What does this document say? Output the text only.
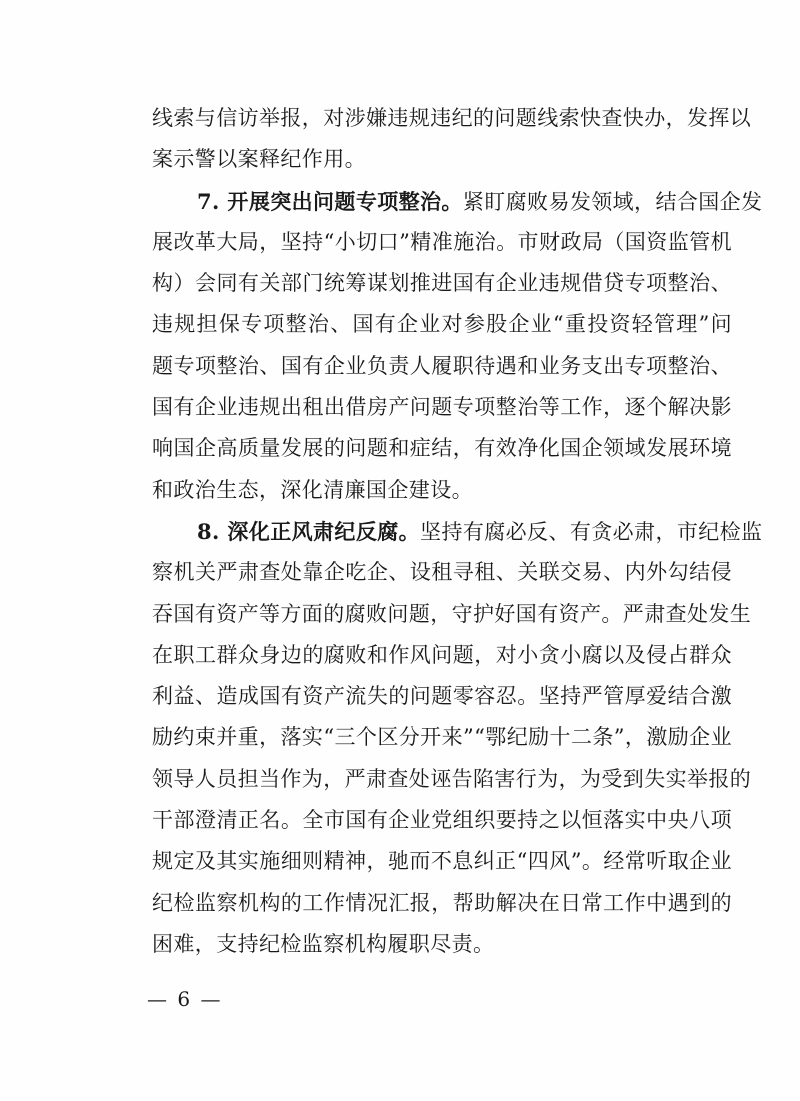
线索与信访举报，对涉嫌违规违纪的问题线索快查快办，发挥以
案示警以案释纪作用。
7. 开展突出问题专项整治。紧盯腐败易发领域，结合国企发
展改革大局，坚持“小切口”精准施治。市财政局（国资监管机
构）会同有关部门统筹谋划推进国有企业违规借贷专项整治、
违规担保专项整治、国有企业对参股企业“重投资轻管理”问
题专项整治、国有企业负责人履职待遇和业务支出专项整治、
国有企业违规出租出借房产问题专项整治等工作，逐个解决影
响国企高质量发展的问题和症结，有效净化国企领域发展环境
和政治生态，深化清廉国企建设。
8. 深化正风肃纪反腐。坚持有腐必反、有贪必肃，市纪检监
察机关严肃查处靠企吃企、设租寻租、关联交易、内外勾结侵
吞国有资产等方面的腐败问题，守护好国有资产。严肃查处发生
在职工群众身边的腐败和作风问题，对小贪小腐以及侵占群众
利益、造成国有资产流失的问题零容忍。坚持严管厚爱结合激
励约束并重，落实“三个区分开来”“鄂纪励十二条”，激励企业
领导人员担当作为，严肃查处诬告陷害行为，为受到失实举报的
干部澄清正名。全市国有企业党组织要持之以恒落实中央八项
规定及其实施细则精神，驰而不息纠正“四风”。经常听取企业
纪检监察机构的工作情况汇报，帮助解决在日常工作中遇到的
困难，支持纪检监察机构履职尽责。
— 6 —
